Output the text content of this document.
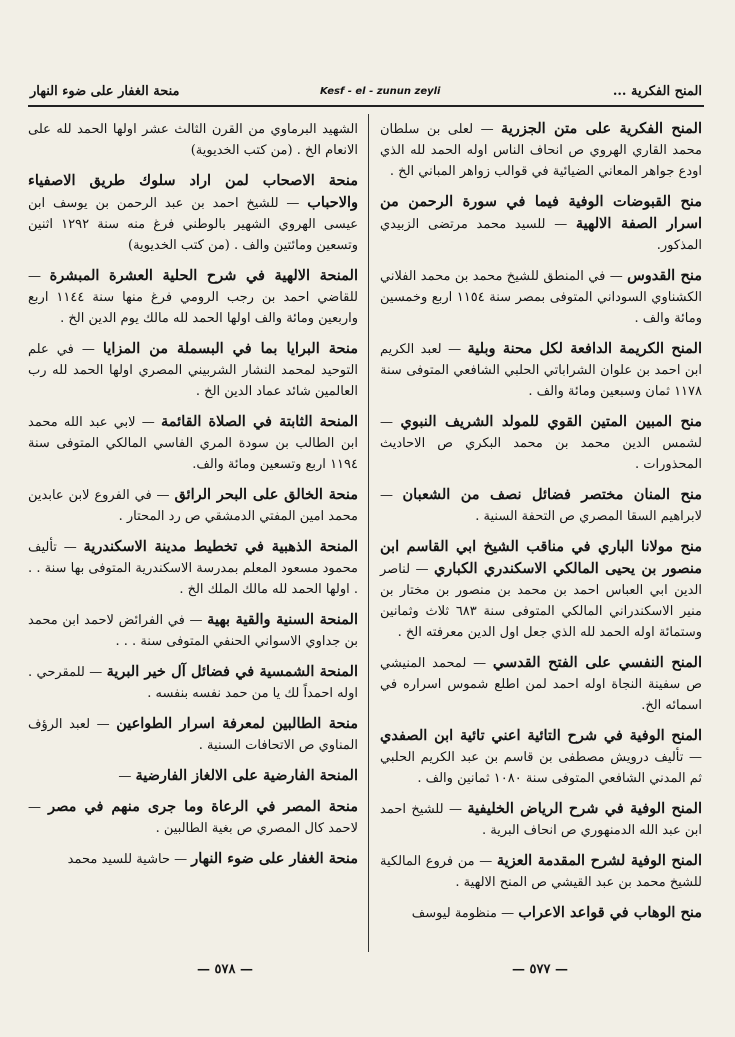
منحة الغفار على ضوء النهار	Kesf - el - zunun zeyli	المنح الفكرية ...

المنح الفكرية على متن الجزرية — لعلى بن سلطان محمد القاري الهروي ص انحاف الناس اوله الحمد لله الذي اودع جواهر المعاني الضيائية في قوالب زواهر المباني الخ .

منح القبوضات الوفية فيما في سورة الرحمن من اسرار الصفة الالهية — للسيد محمد مرتضى الزبيدي المذكور.

منح القدوس — في المنطق للشيخ محمد بن محمد الفلاني الكشناوي السوداني المتوفى بمصر سنة ١١٥٤ اربع وخمسين ومائة والف .

المنح الكريمة الدافعة لكل محنة وبلية — لعبد الكريم ابن احمد بن علوان الشراباتي الحلبي الشافعي المتوفى سنة ١١٧٨ ثمان وسبعين ومائة والف .

منح المبين المتين القوي للمولد الشريف النبوي — لشمس الدين محمد بن محمد البكري ص الاحاديث المحذورات .

منح المنان مختصر فضائل نصف من الشعبان — لابراهيم السقا المصري ص التحفة السنية .

منح مولانا الباري في مناقب الشيخ ابي القاسم ابن منصور بن يحيى المالكي الاسكندري الكباري — لناصر الدين ابي العباس احمد بن محمد بن منصور بن مختار بن منير الاسكندراني المالكي المتوفى سنة ٦٨٣ ثلاث وثمانين وستمائة اوله الحمد لله الذي جعل اول الدين معرفته الخ .

المنح النفسي على الفتح القدسي — لمحمد المنيشي ص سفينة النجاة اوله احمد لمن اطلع شموس اسراره في اسمائه الخ.

المنح الوفية في شرح التائية اعني تائية ابن الصفدي — تأليف درويش مصطفى بن قاسم بن عبد الكريم الحلبي ثم المدني الشافعي المتوفى سنة ١٠٨٠ ثمانين والف .

المنح الوفية في شرح الرياض الخليفية — للشيخ احمد ابن عبد الله الدمنهوري ص انحاف البرية .

المنح الوفية لشرح المقدمة العزية — من فروع المالكية للشيخ محمد بن عبد القيشي ص المنح الالهية .

منح الوهاب في قواعد الاعراب — منظومة ليوسف

الشهيد البرماوي من القرن الثالث عشر اولها الحمد لله على الانعام الخ . (من كتب الخديوية)

منحة الاصحاب لمن اراد سلوك طريق الاصفياء والاحباب — للشيخ احمد بن عبد الرحمن بن يوسف ابن عيسى الهروي الشهير بالوطني فرغ منه سنة ١٢٩٢ اثنين وتسعين ومائتين والف . (من كتب الخديوية)

المنحة الالهية في شرح الحلية العشرة المبشرة — للقاضي احمد بن رجب الرومي فرغ منها سنة ١١٤٤ اربع واربعين ومائة والف اولها الحمد لله مالك يوم الدين الخ .

منحة البرايا بما في البسملة من المزايا — في علم التوحيد لمحمد النشار الشربيني المصري اولها الحمد لله رب العالمين شائد عماد الدين الخ .

المنحة الثابتة في الصلاة القائمة — لابي عبد الله محمد ابن الطالب بن سودة المري الفاسي المالكي المتوفى سنة ١١٩٤ اربع وتسعين ومائة والف.

منحة الخالق على البحر الرائق — في الفروع لابن عابدين محمد امين المفتي الدمشقي ص رد المحتار .

المنحة الذهبية في تخطيط مدينة الاسكندرية — تأليف محمود مسعود المعلم بمدرسة الاسكندرية المتوفى بها سنة . . . اولها الحمد لله مالك الملك الخ .

المنحة السنية والقية بهية — في الفرائض لاحمد ابن محمد بن جداوي الاسواني الحنفي المتوفى سنة . . .

المنحة الشمسية في فضائل آل خير البرية — للمقرحي . اوله احمداً لك يا من حمد نفسه بنفسه .

منحة الطالبين لمعرفة اسرار الطواعين — لعبد الرؤف المناوي ص الاتحافات السنية .

المنحة الفارضية على الالغاز الفارضية —

منحة المصر في الرعاة وما جرى منهم في مصر — لاحمد كال المصري ص بغية الطالبين .

منحة الغفار على ضوء النهار — حاشية للسيد محمد

— ٥٧٨ —	— ٥٧٧ —
